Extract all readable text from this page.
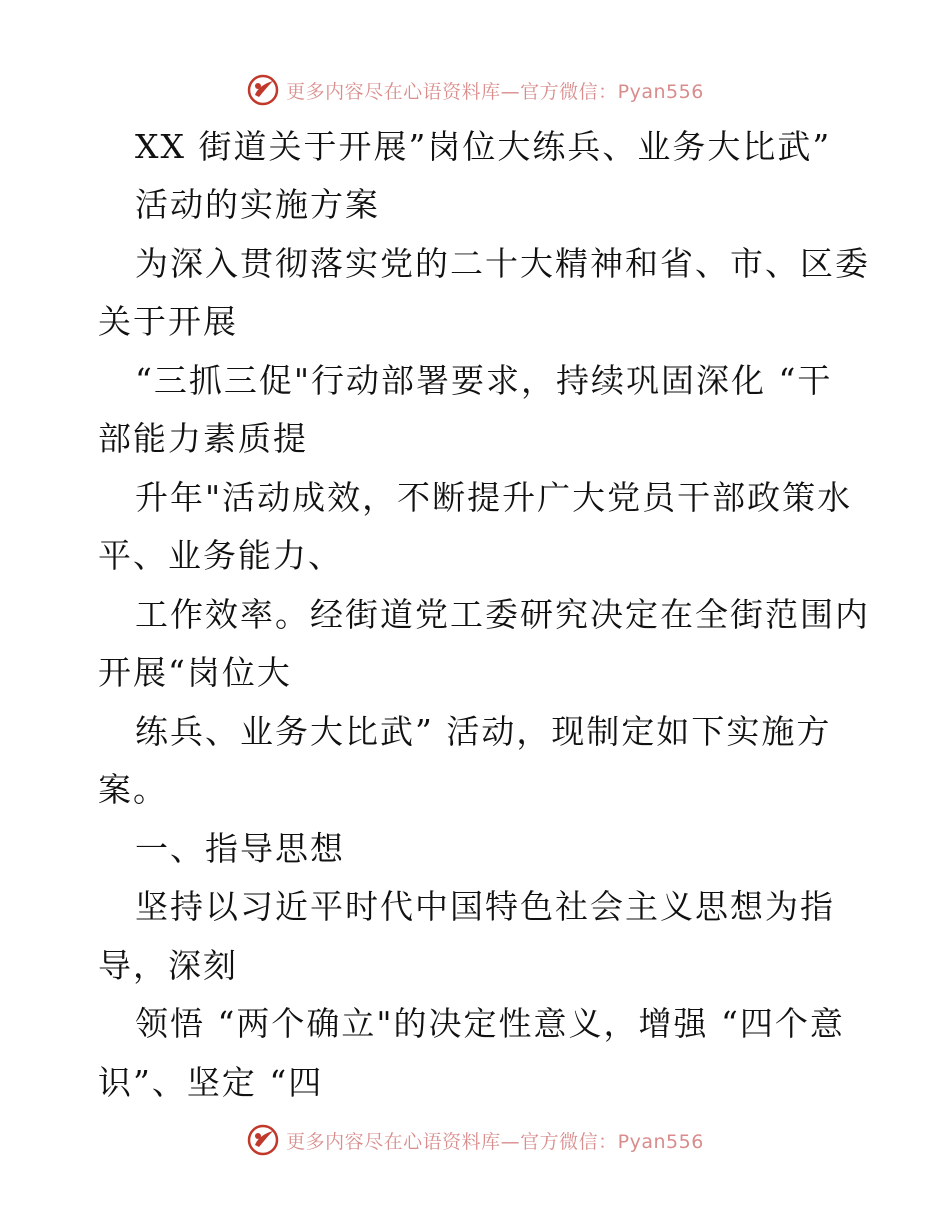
更多内容尽在心语资料库—官方微信：Pyan556
XX 街道关于开展”岗位大练兵、业务大比武”
活动的实施方案
为深入贯彻落实党的二十大精神和省、市、区委
关于开展
“三抓三促"行动部署要求，持续巩固深化 “干
部能力素质提
升年"活动成效，不断提升广大党员干部政策水
平、业务能力、
工作效率。经街道党工委研究决定在全街范围内
开展“岗位大
练兵、业务大比武” 活动，现制定如下实施方
案。
一、指导思想
坚持以习近平时代中国特色社会主义思想为指
导，深刻
领悟 “两个确立"的决定性意义，增强 “四个意
识”、坚定 “四
更多内容尽在心语资料库—官方微信：Pyan556
